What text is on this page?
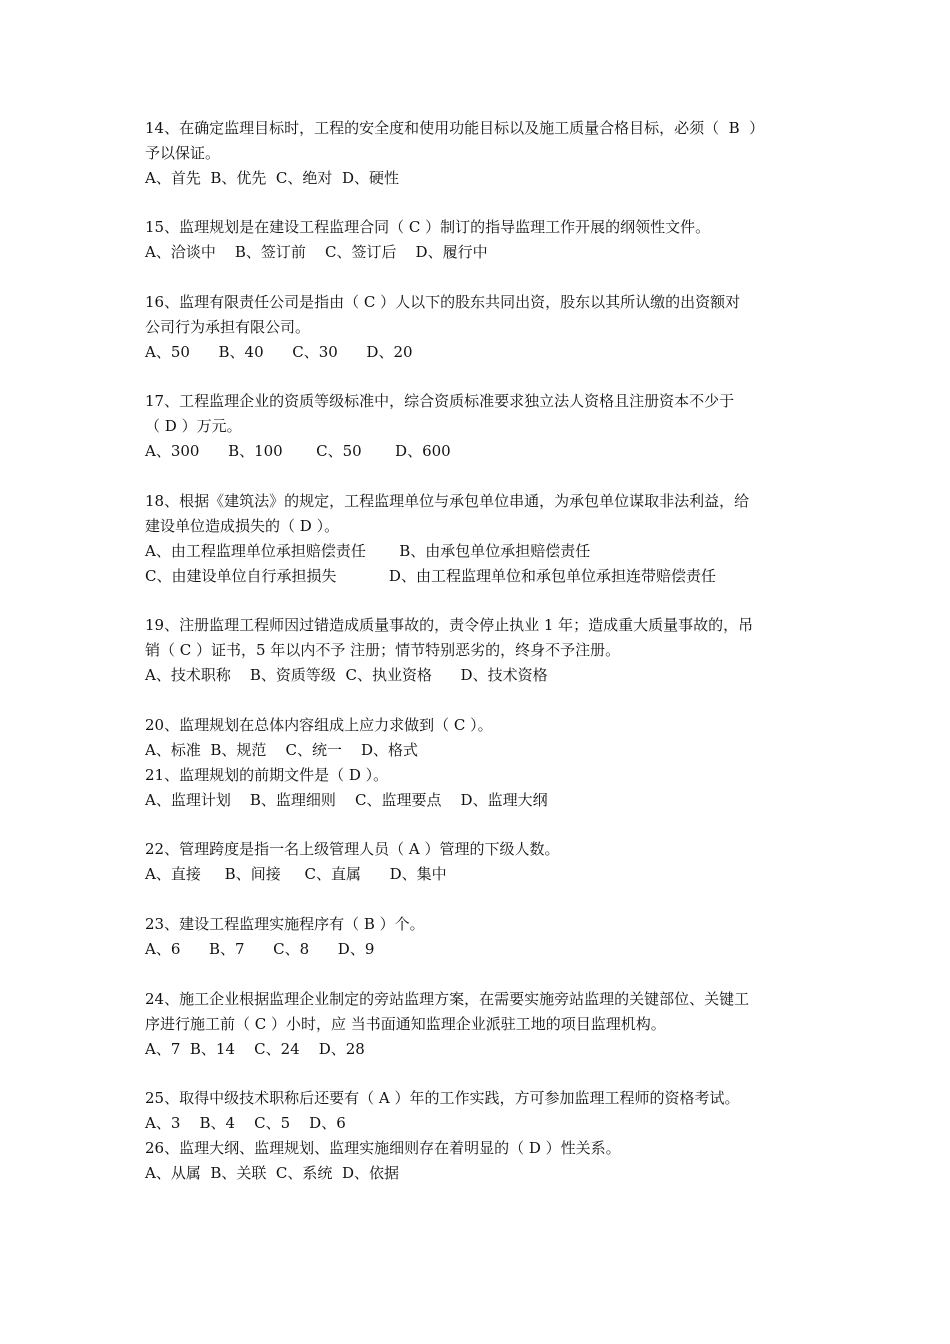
14、在确定监理目标时，工程的安全度和使用功能目标以及施工质量合格目标，必须（  B  ）
予以保证。
A、首先  B、优先  C、绝对  D、硬性
15、监理规划是在建设工程监理合同（ C ）制订的指导监理工作开展的纲领性文件。
A、洽谈中    B、签订前    C、签订后    D、履行中
16、监理有限责任公司是指由（ C ）人以下的股东共同出资，股东以其所认缴的出资额对
公司行为承担有限公司。
A、50      B、40      C、30      D、20
17、工程监理企业的资质等级标准中，综合资质标准要求独立法人资格且注册资本不少于
（ D ）万元。
A、300      B、100       C、50       D、600
18、根据《建筑法》的规定，工程监理单位与承包单位串通，为承包单位谋取非法利益，给
建设单位造成损失的（ D ）。
A、由工程监理单位承担赔偿责任       B、由承包单位承担赔偿责任
C、由建设单位自行承担损失           D、由工程监理单位和承包单位承担连带赔偿责任
19、注册监理工程师因过错造成质量事故的，责令停止执业 1 年；造成重大质量事故的，吊
销（ C ）证书，5 年以内不予 注册；情节特别恶劣的，终身不予注册。
A、技术职称    B、资质等级  C、执业资格      D、技术资格
20、监理规划在总体内容组成上应力求做到（ C ）。
A、标准  B、规范    C、统一    D、格式
21、监理规划的前期文件是（ D ）。
A、监理计划    B、监理细则    C、监理要点    D、监理大纲
22、管理跨度是指一名上级管理人员（ A ）管理的下级人数。
A、直接     B、间接     C、直属      D、集中
23、建设工程监理实施程序有（ B ）个。
A、6      B、7      C、8      D、9
24、施工企业根据监理企业制定的旁站监理方案，在需要实施旁站监理的关键部位、关键工
序进行施工前（ C ）小时，应 当书面通知监理企业派驻工地的项目监理机构。
A、7  B、14    C、24    D、28
25、取得中级技术职称后还要有（ A ）年的工作实践，方可参加监理工程师的资格考试。
A、3    B、4    C、5    D、6
26、监理大纲、监理规划、监理实施细则存在着明显的（ D ）性关系。
A、从属  B、关联  C、系统  D、依据
